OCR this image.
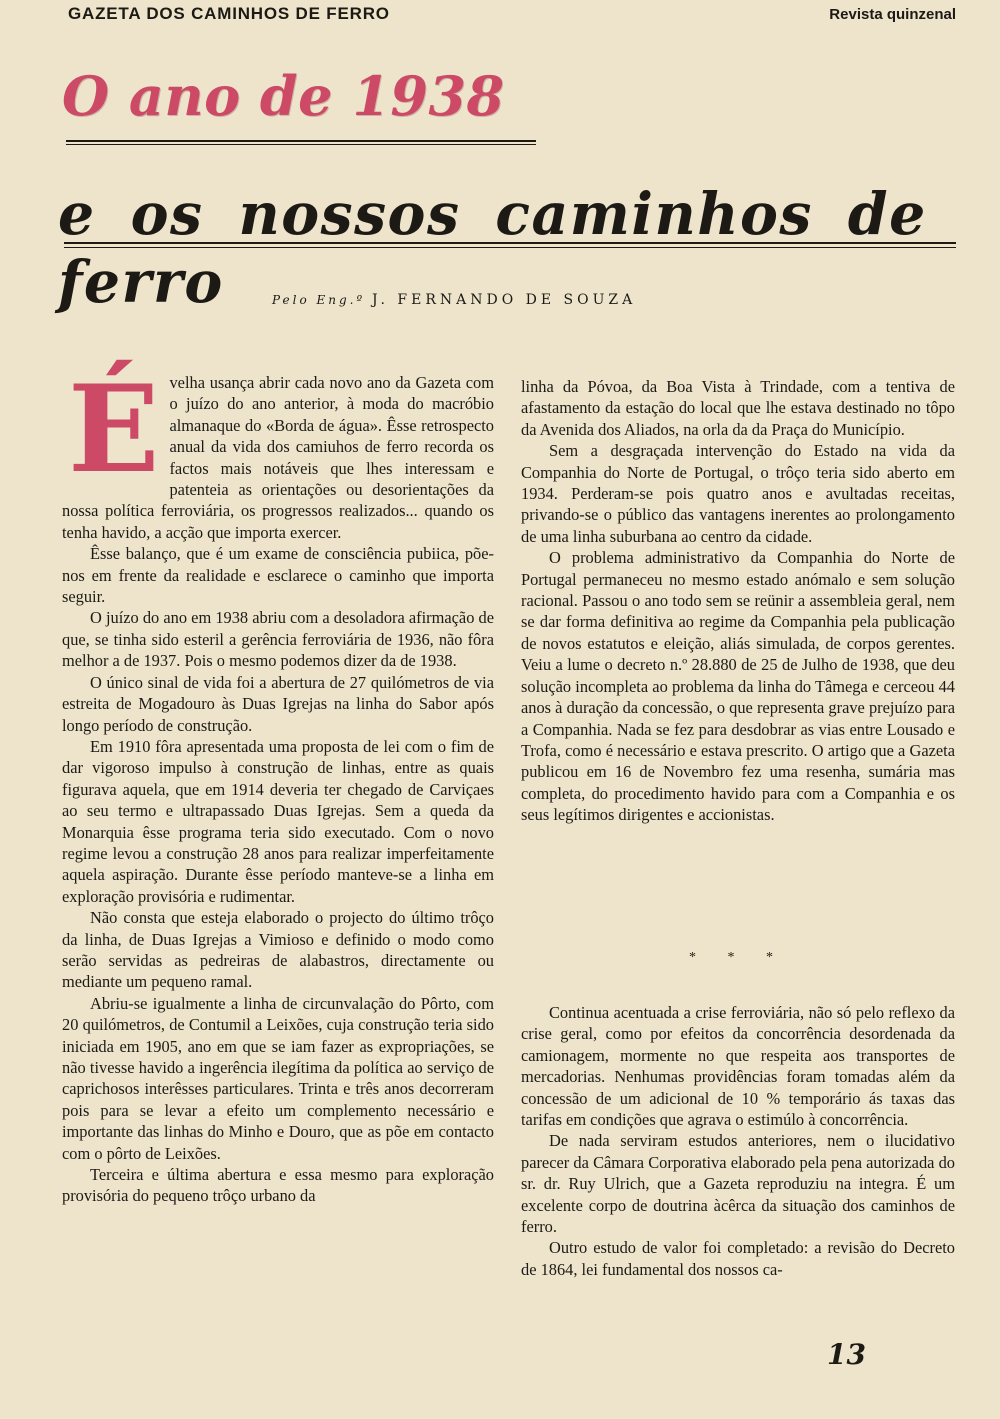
GAZETA DOS CAMINHOS DE FERRO	Revista quinzenal
O ano de 1938
e os nossos caminhos de ferro	Pelo Eng.º J. FERNANDO DE SOUZA

Évelha usança abrir cada novo ano da Gazeta com o juízo do ano anterior, à moda do macróbio almanaque do «Borda de água». Êsse retrospecto anual da vida dos camiuhos de ferro recorda os factos mais notáveis que lhes interessam e patenteia as orientações ou desorientações da nossa política ferroviária, os progressos realizados... quando os tenha havido, a acção que importa exercer.

Êsse balanço, que é um exame de consciência pubiica, põe-nos em frente da realidade e esclarece o caminho que importa seguir.

O juízo do ano em 1938 abriu com a desoladora afirmação de que, se tinha sido esteril a gerência ferroviária de 1936, não fôra melhor a de 1937. Pois o mesmo podemos dizer da de 1938.

O único sinal de vida foi a abertura de 27 quilómetros de via estreita de Mogadouro às Duas Igrejas na linha do Sabor após longo período de construção.

Em 1910 fôra apresentada uma proposta de lei com o fim de dar vigoroso impulso à construção de linhas, entre as quais figurava aquela, que em 1914 deveria ter chegado de Carviçaes ao seu termo e ultrapassado Duas Igrejas. Sem a queda da Monarquia êsse programa teria sido executado. Com o novo regime levou a construção 28 anos para realizar imperfeitamente aquela aspiração. Durante êsse período manteve-se a linha em exploração provisória e rudimentar.

Não consta que esteja elaborado o projecto do último trôço da linha, de Duas Igrejas a Vimioso e definido o modo como serão servidas as pedreiras de alabastros, directamente ou mediante um pequeno ramal.

Abriu-se igualmente a linha de circunvalação do Pôrto, com 20 quilómetros, de Contumil a Leixões, cuja construção teria sido iniciada em 1905, ano em que se iam fazer as expropriações, se não tivesse havido a ingerência ilegítima da política ao serviço de caprichosos interêsses particulares. Trinta e três anos decorreram pois para se levar a efeito um complemento necessário e importante das linhas do Minho e Douro, que as põe em contacto com o pôrto de Leixões.

Terceira e última abertura e essa mesmo para exploração provisória do pequeno trôço urbano da

linha da Póvoa, da Boa Vista à Trindade, com a tentiva de afastamento da estação do local que lhe estava destinado no tôpo da Avenida dos Aliados, na orla da da Praça do Município.

Sem a desgraçada intervenção do Estado na vida da Companhia do Norte de Portugal, o trôço teria sido aberto em 1934. Perderam-se pois quatro anos e avultadas receitas, privando-se o público das vantagens inerentes ao prolongamento de uma linha suburbana ao centro da cidade.

O problema administrativo da Companhia do Norte de Portugal permaneceu no mesmo estado anómalo e sem solução racional. Passou o ano todo sem se reünir a assembleia geral, nem se dar forma definitiva ao regime da Companhia pela publicação de novos estatutos e eleição, aliás simulada, de corpos gerentes. Veiu a lume o decreto n.º 28.880 de 25 de Julho de 1938, que deu solução incompleta ao problema da linha do Tâmega e cerceou 44 anos à duração da concessão, o que representa grave prejuízo para a Companhia. Nada se fez para desdobrar as vias entre Lousado e Trofa, como é necessário e estava prescrito. O artigo que a Gazeta publicou em 16 de Novembro fez uma resenha, sumária mas completa, do procedimento havido para com a Companhia e os seus legítimos dirigentes e accionistas.

* * *

Continua acentuada a crise ferroviária, não só pelo reflexo da crise geral, como por efeitos da concorrência desordenada da camionagem, mormente no que respeita aos transportes de mercadorias. Nenhumas providências foram tomadas além da concessão de um adicional de 10 % temporário ás taxas das tarifas em condições que agrava o estimúlo à concorrência.

De nada serviram estudos anteriores, nem o ilucidativo parecer da Câmara Corporativa elaborado pela pena autorizada do sr. dr. Ruy Ulrich, que a Gazeta reproduziu na integra. É um excelente corpo de doutrina àcêrca da situação dos caminhos de ferro.

Outro estudo de valor foi completado: a revisão do Decreto de 1864, lei fundamental dos nossos ca-

13
